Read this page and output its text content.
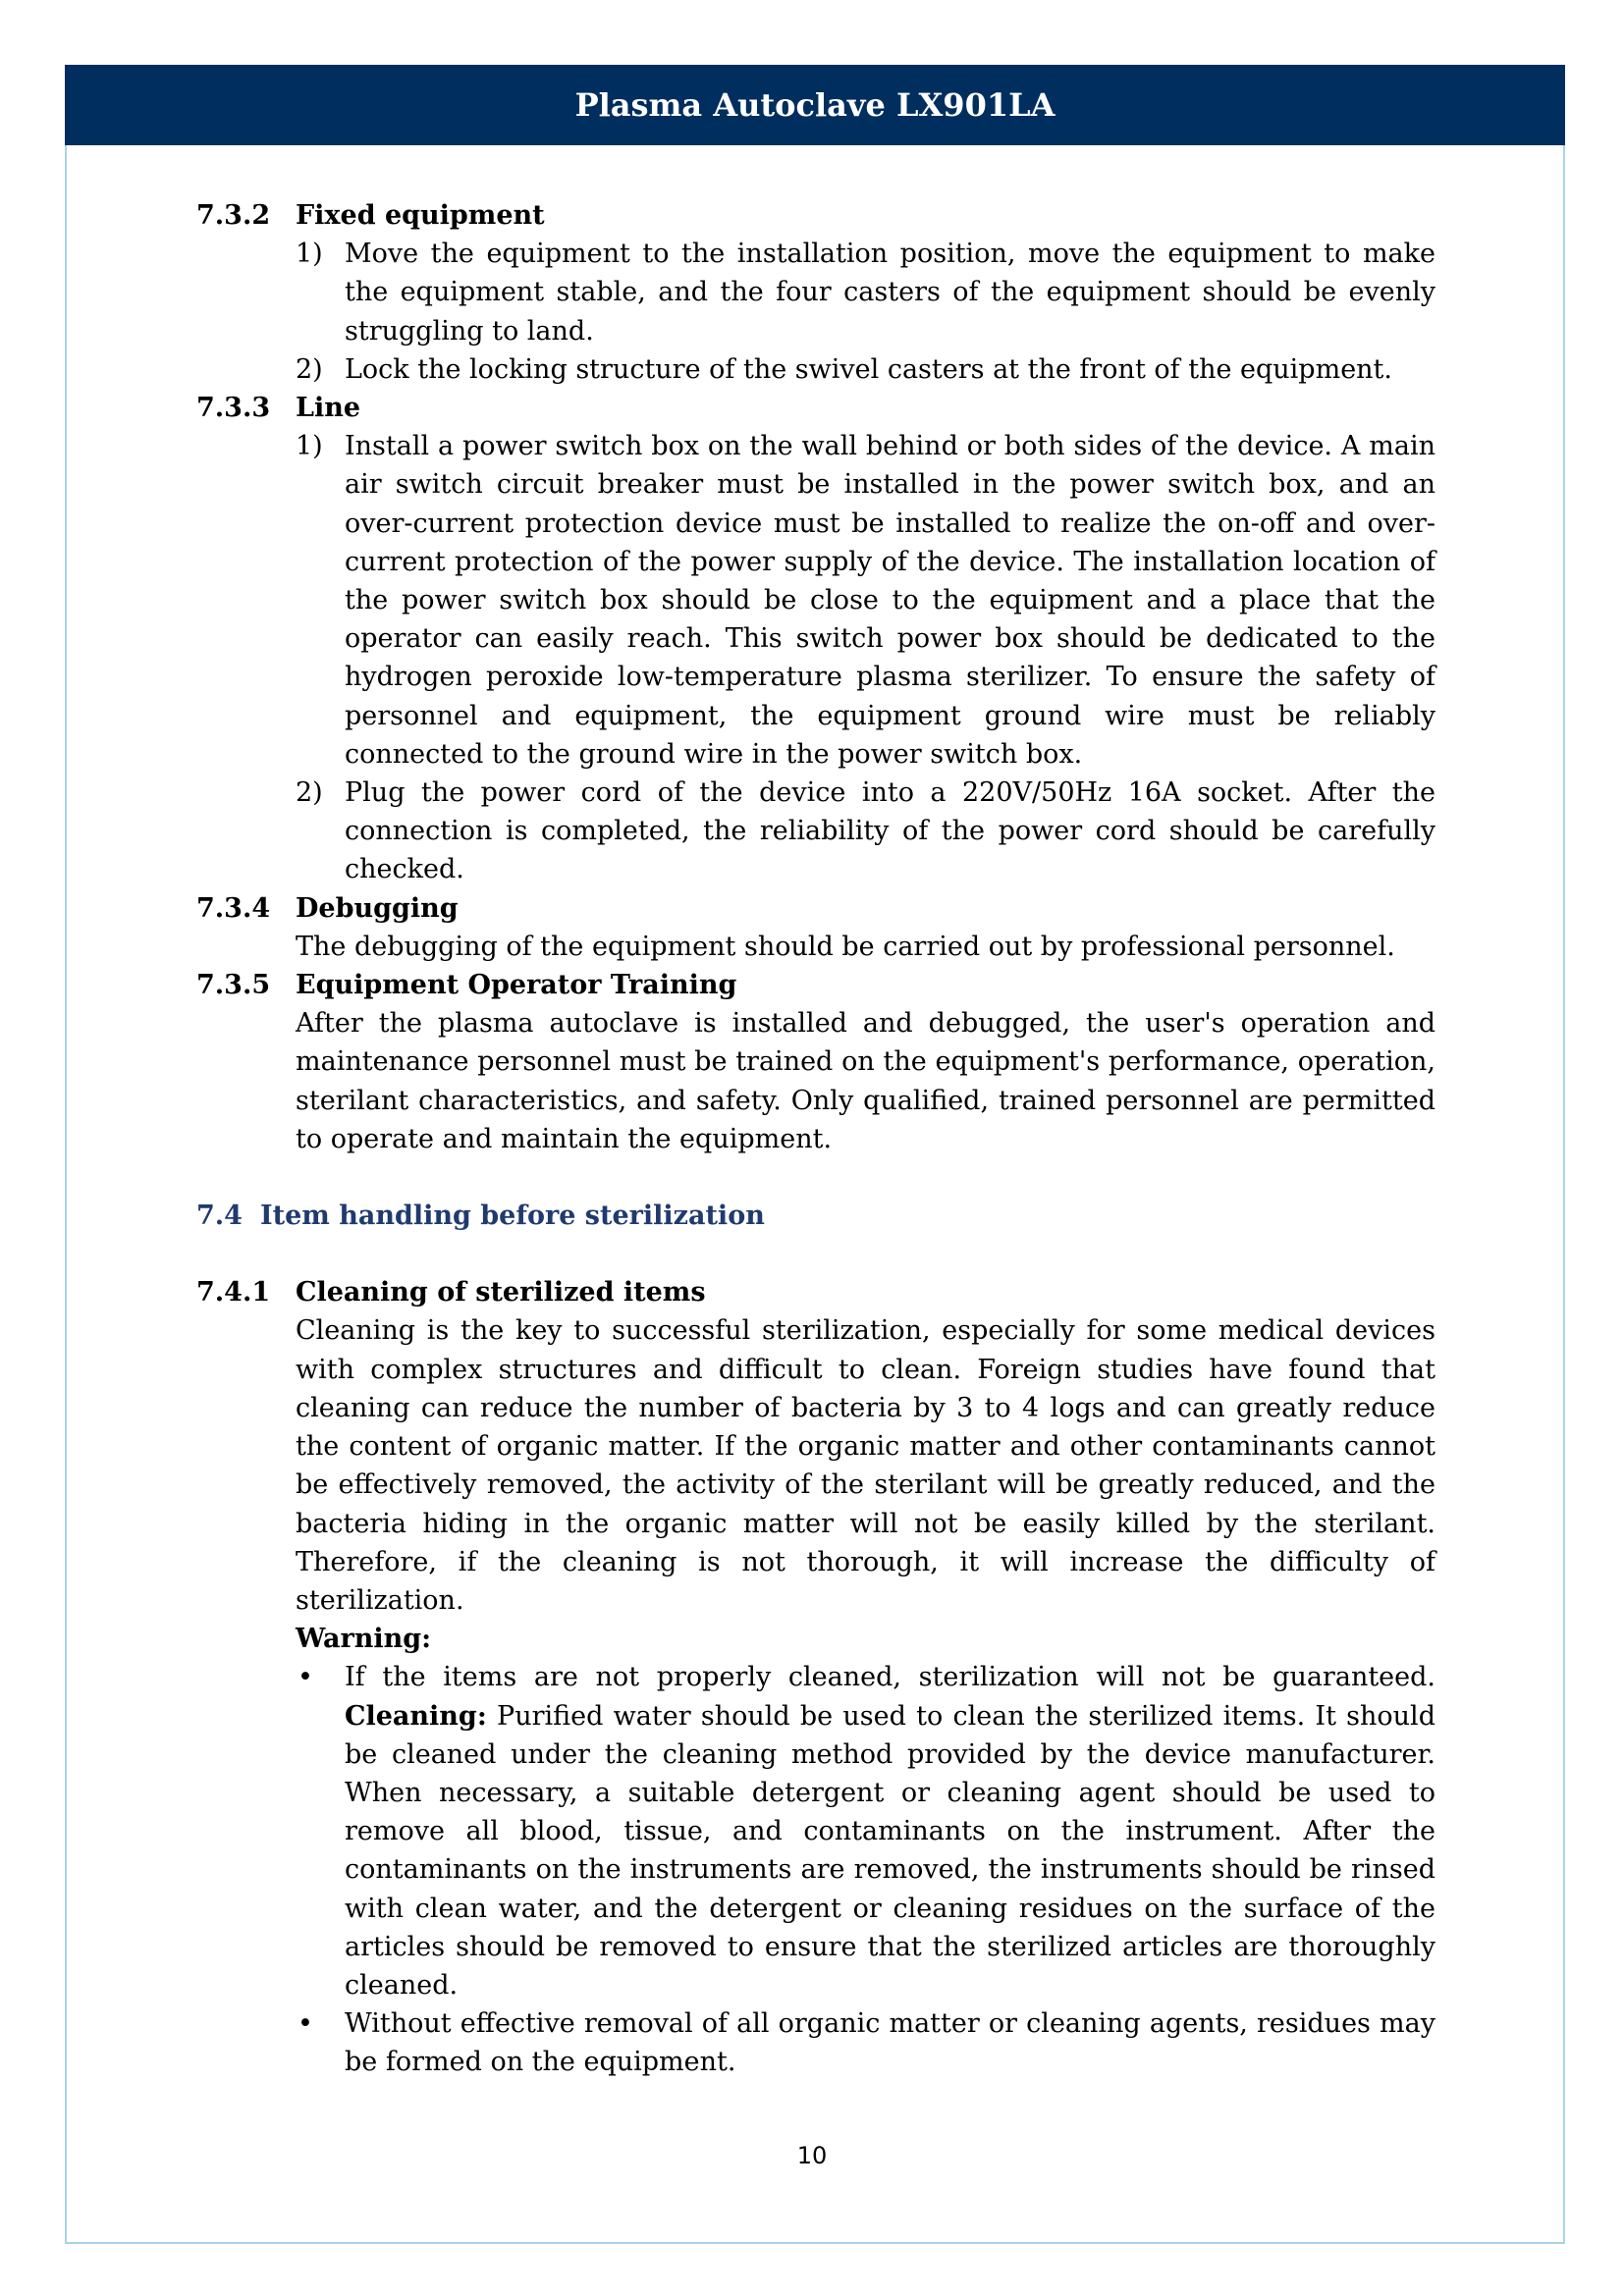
Plasma Autoclave LX901LA
7.3.2 Fixed equipment
1) Move the equipment to the installation position, move the equipment to make the equipment stable, and the four casters of the equipment should be evenly struggling to land.
2) Lock the locking structure of the swivel casters at the front of the equipment.
7.3.3 Line
1) Install a power switch box on the wall behind or both sides of the device. A main air switch circuit breaker must be installed in the power switch box, and an over-current protection device must be installed to realize the on-off and over-current protection of the power supply of the device. The installation location of the power switch box should be close to the equipment and a place that the operator can easily reach. This switch power box should be dedicated to the hydrogen peroxide low-temperature plasma sterilizer. To ensure the safety of personnel and equipment, the equipment ground wire must be reliably connected to the ground wire in the power switch box.
2) Plug the power cord of the device into a 220V/50Hz 16A socket. After the connection is completed, the reliability of the power cord should be carefully checked.
7.3.4 Debugging
The debugging of the equipment should be carried out by professional personnel.
7.3.5 Equipment Operator Training
After the plasma autoclave is installed and debugged, the user's operation and maintenance personnel must be trained on the equipment's performance, operation, sterilant characteristics, and safety. Only qualified, trained personnel are permitted to operate and maintain the equipment.
7.4 Item handling before sterilization
7.4.1 Cleaning of sterilized items
Cleaning is the key to successful sterilization, especially for some medical devices with complex structures and difficult to clean. Foreign studies have found that cleaning can reduce the number of bacteria by 3 to 4 logs and can greatly reduce the content of organic matter. If the organic matter and other contaminants cannot be effectively removed, the activity of the sterilant will be greatly reduced, and the bacteria hiding in the organic matter will not be easily killed by the sterilant. Therefore, if the cleaning is not thorough, it will increase the difficulty of sterilization.
Warning:
•	If the items are not properly cleaned, sterilization will not be guaranteed. Cleaning: Purified water should be used to clean the sterilized items. It should be cleaned under the cleaning method provided by the device manufacturer. When necessary, a suitable detergent or cleaning agent should be used to remove all blood, tissue, and contaminants on the instrument. After the contaminants on the instruments are removed, the instruments should be rinsed with clean water, and the detergent or cleaning residues on the surface of the articles should be removed to ensure that the sterilized articles are thoroughly cleaned.
•	Without effective removal of all organic matter or cleaning agents, residues may be formed on the equipment.
10
